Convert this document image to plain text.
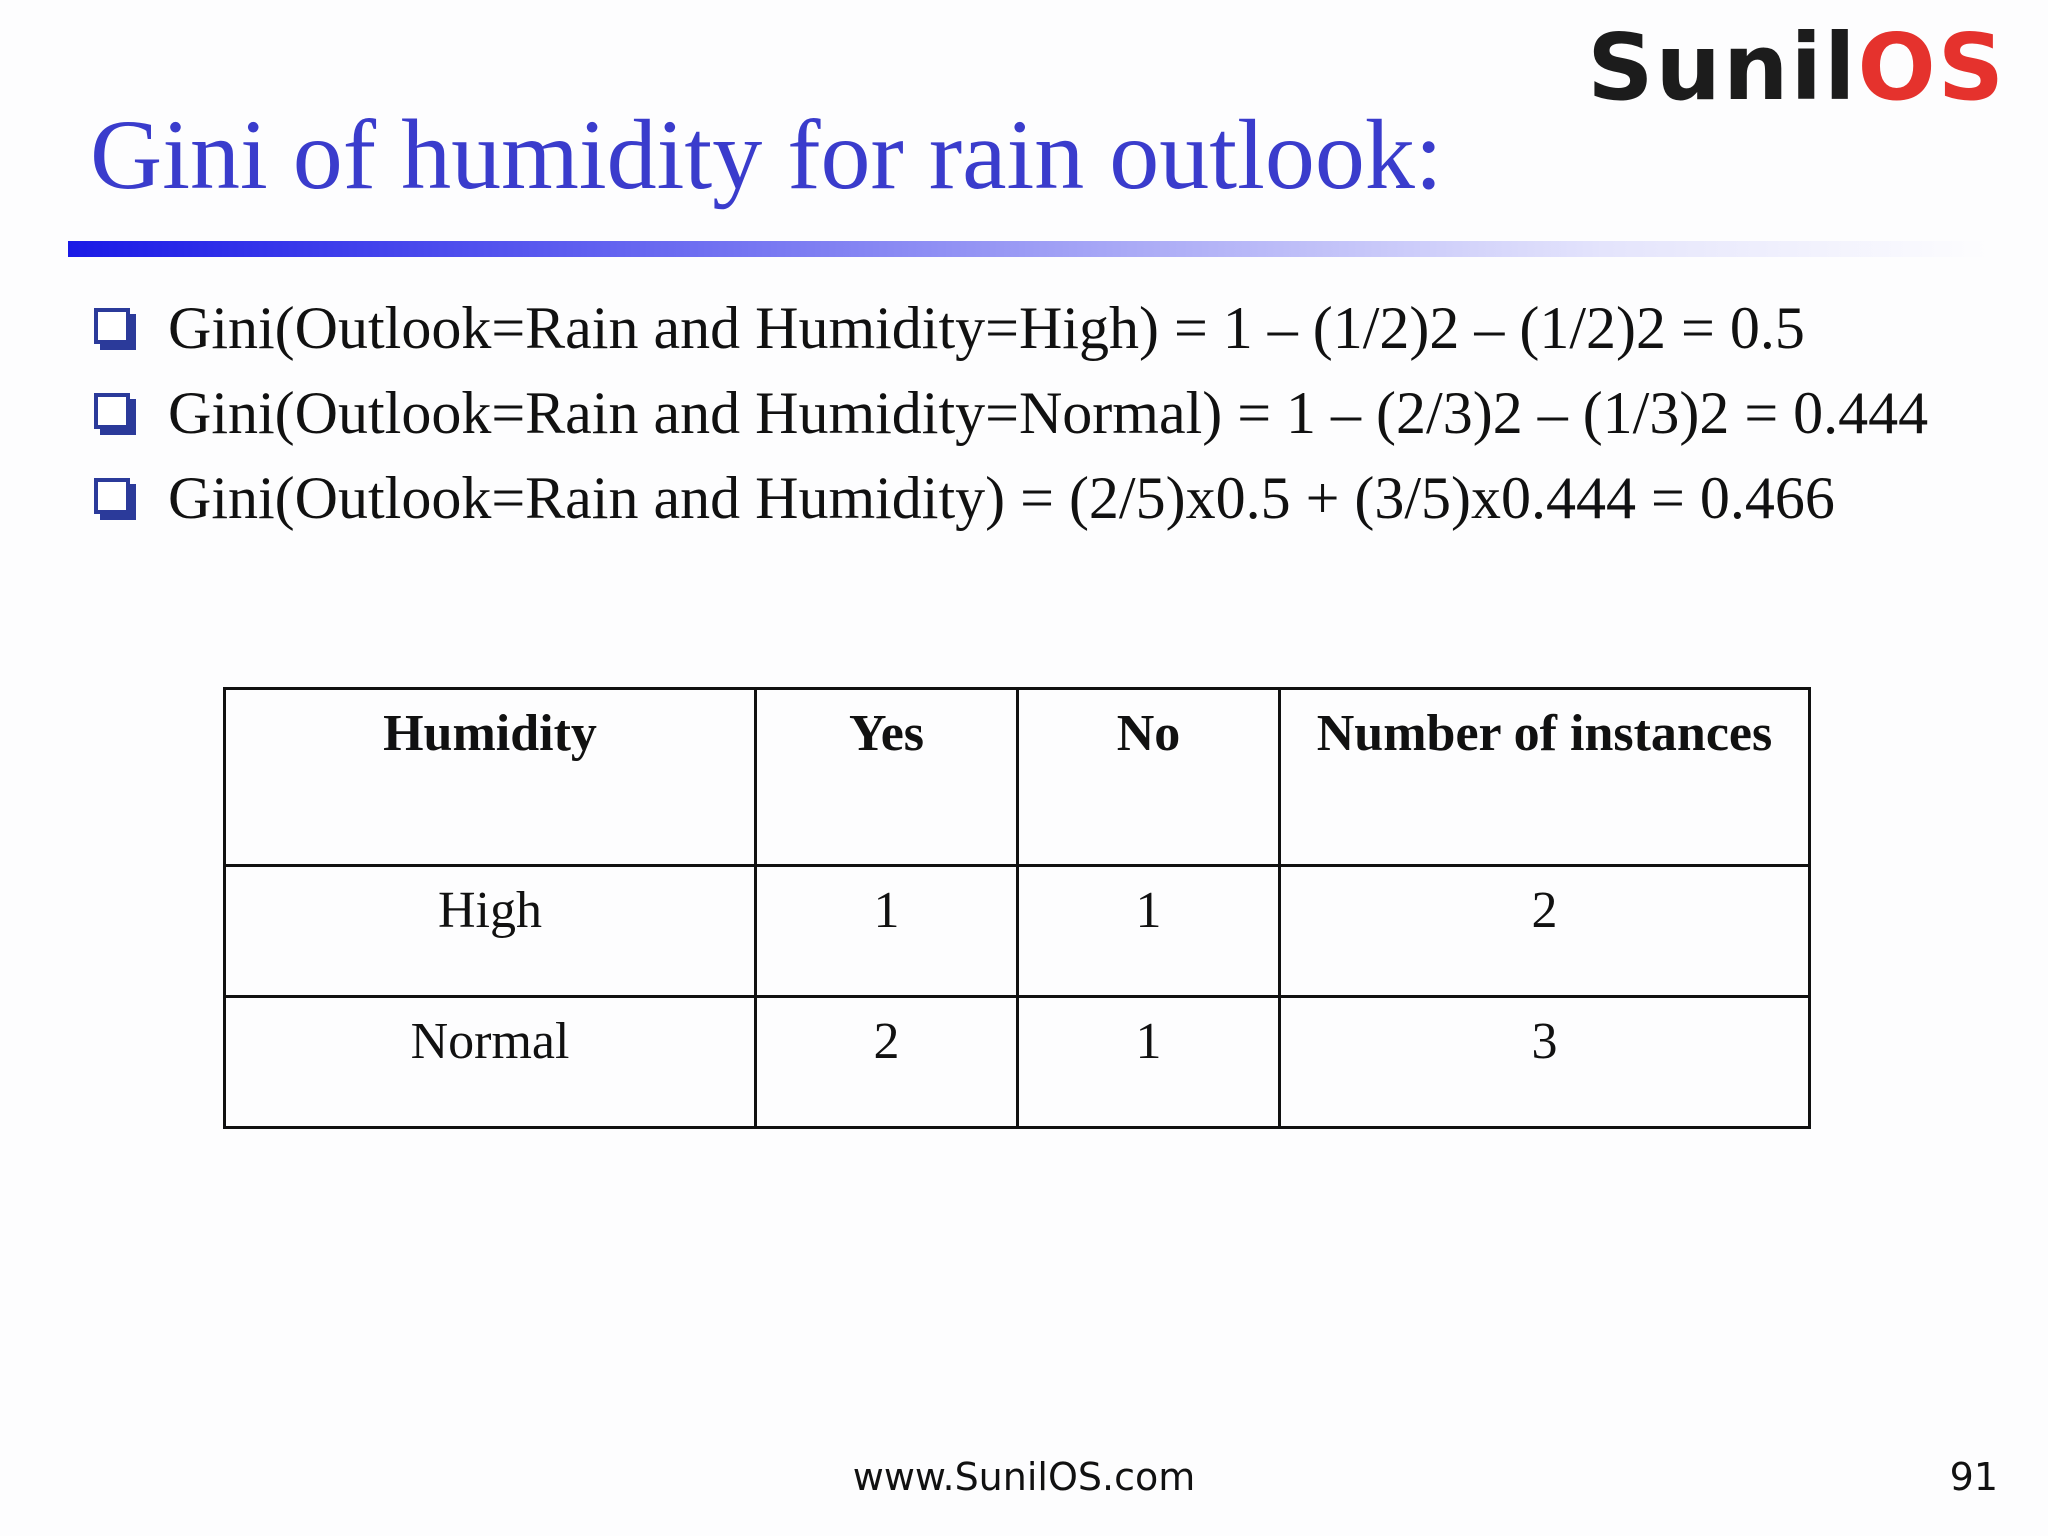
SunilOS
Gini of humidity for rain outlook:
Gini(Outlook=Rain and Humidity=High) = 1 – (1/2)2 – (1/2)2 = 0.5
Gini(Outlook=Rain and Humidity=Normal) = 1 – (2/3)2 – (1/3)2 = 0.444
Gini(Outlook=Rain and Humidity) = (2/5)x0.5 + (3/5)x0.444 = 0.466
Humidity	Yes	No	Number of instances
High	1	1	2
Normal	2	1	3
www.SunilOS.com	91
